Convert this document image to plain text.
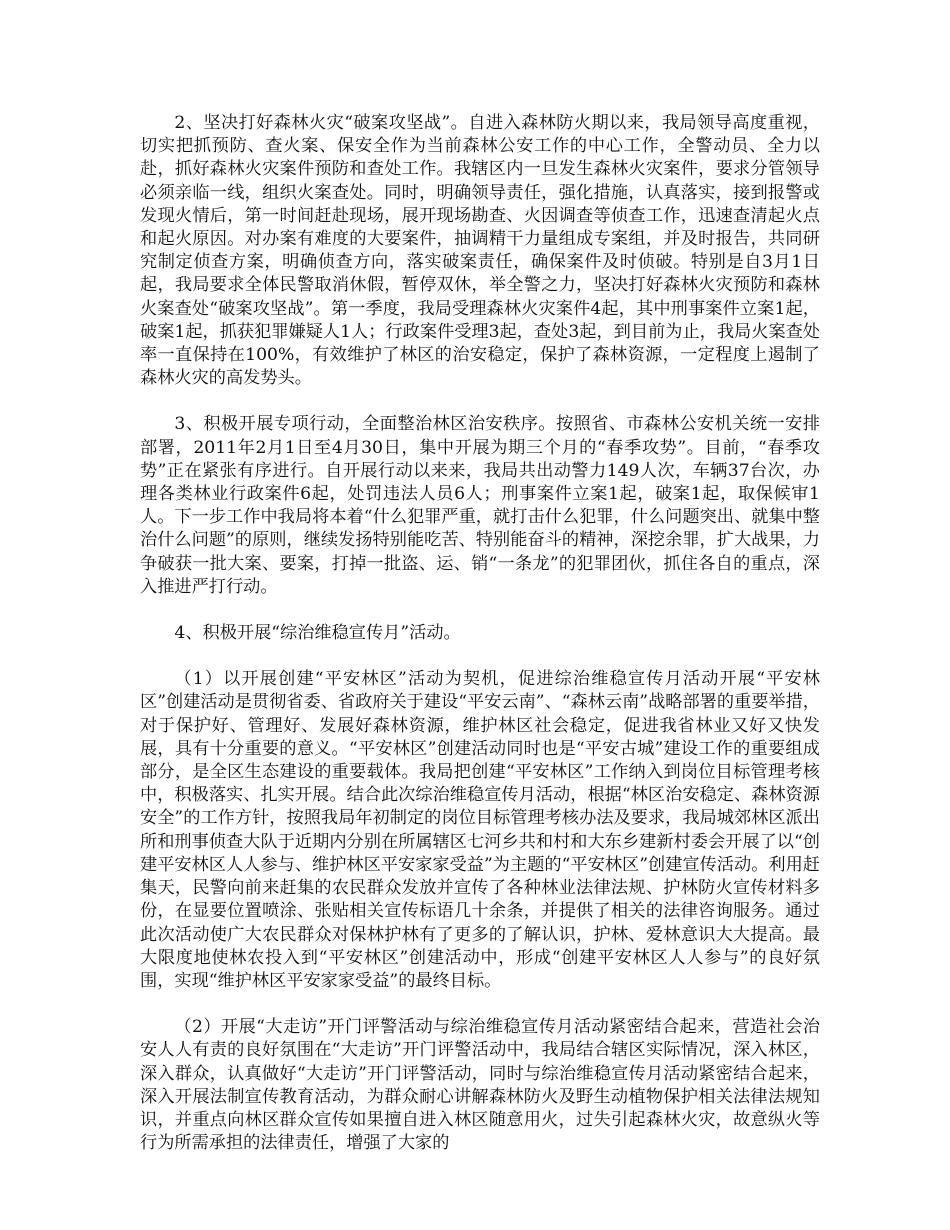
2、坚决打好森林火灾“破案攻坚战”。自进入森林防火期以来，我局领导高度重视，切实把抓预防、查火案、保安全作为当前森林公安工作的中心工作，全警动员、全力以赴，抓好森林火灾案件预防和查处工作。我辖区内一旦发生森林火灾案件，要求分管领导必须亲临一线，组织火案查处。同时，明确领导责任，强化措施，认真落实，接到报警或发现火情后，第一时间赶赴现场，展开现场勘查、火因调查等侦查工作，迅速查清起火点和起火原因。对办案有难度的大要案件，抽调精干力量组成专案组，并及时报告，共同研究制定侦查方案，明确侦查方向，落实破案责任，确保案件及时侦破。特别是自3月1日起，我局要求全体民警取消休假，暂停双休，举全警之力，坚决打好森林火灾预防和森林火案查处“破案攻坚战”。第一季度，我局受理森林火灾案件4起，其中刑事案件立案1起，破案1起，抓获犯罪嫌疑人1人；行政案件受理3起，查处3起，到目前为止，我局火案查处率一直保持在100%，有效维护了林区的治安稳定，保护了森林资源，一定程度上遏制了森林火灾的高发势头。

3、积极开展专项行动，全面整治林区治安秩序。按照省、市森林公安机关统一安排部署，2011年2月1日至4月30日，集中开展为期三个月的“春季攻势”。目前，“春季攻势”正在紧张有序进行。自开展行动以来来，我局共出动警力149人次，车辆37台次，办理各类林业行政案件6起，处罚违法人员6人；刑事案件立案1起，破案1起，取保候审1人。下一步工作中我局将本着“什么犯罪严重，就打击什么犯罪，什么问题突出、就集中整治什么问题”的原则，继续发扬特别能吃苦、特别能奋斗的精神，深挖余罪，扩大战果，力争破获一批大案、要案，打掉一批盗、运、销“一条龙”的犯罪团伙，抓住各自的重点，深入推进严打行动。

4、积极开展“综治维稳宣传月”活动。

（1）以开展创建“平安林区”活动为契机，促进综治维稳宣传月活动开展“平安林区”创建活动是贯彻省委、省政府关于建设“平安云南”、“森林云南”战略部署的重要举措，对于保护好、管理好、发展好森林资源，维护林区社会稳定，促进我省林业又好又快发展，具有十分重要的意义。“平安林区”创建活动同时也是“平安古城”建设工作的重要组成部分，是全区生态建设的重要载体。我局把创建“平安林区”工作纳入到岗位目标管理考核中，积极落实、扎实开展。结合此次综治维稳宣传月活动，根据“林区治安稳定、森林资源安全”的工作方针，按照我局年初制定的岗位目标管理考核办法及要求，我局城郊林区派出所和刑事侦查大队于近期内分别在所属辖区七河乡共和村和大东乡建新村委会开展了以“创建平安林区人人参与、维护林区平安家家受益”为主题的“平安林区”创建宣传活动。利用赶集天，民警向前来赶集的农民群众发放并宣传了各种林业法律法规、护林防火宣传材料多份，在显要位置喷涂、张贴相关宣传标语几十余条，并提供了相关的法律咨询服务。通过此次活动使广大农民群众对保林护林有了更多的了解认识，护林、爱林意识大大提高。最大限度地使林农投入到“平安林区”创建活动中，形成“创建平安林区人人参与”的良好氛围，实现“维护林区平安家家受益”的最终目标。

（2）开展“大走访”开门评警活动与综治维稳宣传月活动紧密结合起来，营造社会治安人人有责的良好氛围在“大走访”开门评警活动中，我局结合辖区实际情况，深入林区，深入群众，认真做好“大走访”开门评警活动，同时与综治维稳宣传月活动紧密结合起来，深入开展法制宣传教育活动，为群众耐心讲解森林防火及野生动植物保护相关法律法规知识，并重点向林区群众宣传如果擅自进入林区随意用火，过失引起森林火灾，故意纵火等行为所需承担的法律责任，增强了大家的
